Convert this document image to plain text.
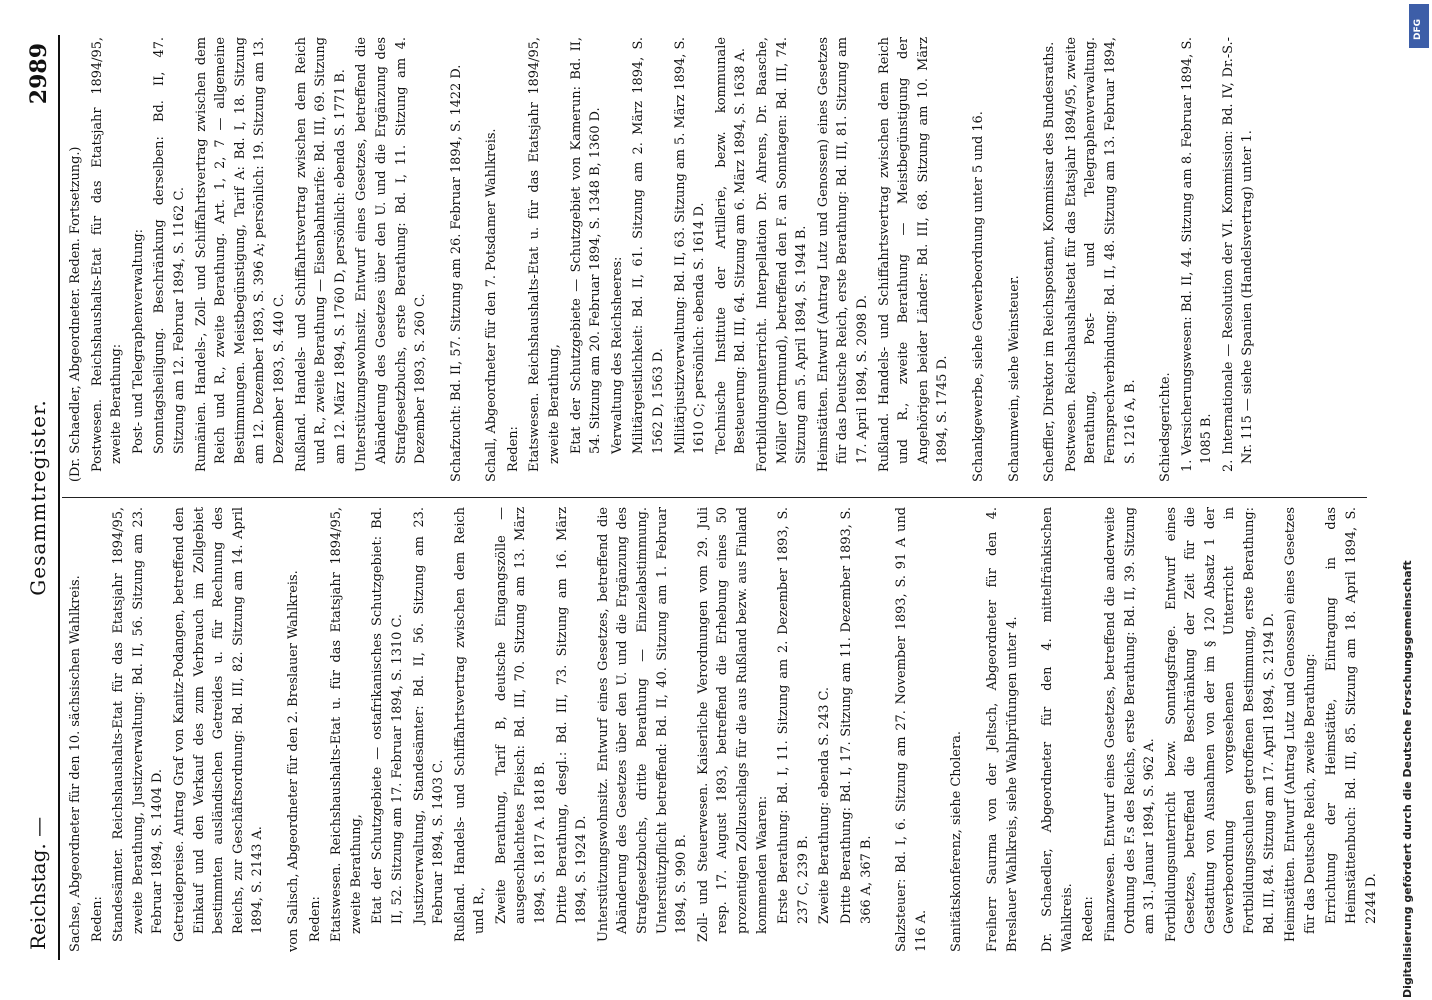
Reichstag. —
Gesammtregister.
2989

Sachse, Abgeordneter für den 10. sächsischen Wahlkreis. Reden: Standesämter. Reichshaushalts-Etat für das Etatsjahr 1894/95, zweite Berathung, Justizverwaltung: Bd. II, 56. Sitzung am 23. Februar 1894, S. 1404 D. Getreidepreise. Antrag Graf von Kanitz-Podangen, betreffend den Einkauf und den Verkauf des zum Verbrauch im Zollgebiet bestimmten ausländischen Getreides u. für Rechnung des Reichs, zur Geschäftsordnung: Bd. III, 82. Sitzung am 14. April 1894, S. 2143 A. von Salisch, Abgeordneter für den 2. Breslauer Wahlkreis. Reden: Etatswesen. Reichshaushalts-Etat u. für das Etatsjahr 1894/95, zweite Berathung, Etat der Schutzgebiete — ostafrikanisches Schutzgebiet: Bd. II, 52. Sitzung am 17. Februar 1894, S. 1310 C. Justizverwaltung, Standesämter: Bd. II, 56. Sitzung am 23. Februar 1894, S. 1403 C. Rußland. Handels- und Schiffahrtsvertrag zwischen dem Reich und R., Zweite Berathung, Tarif B, deutsche Eingangszölle — ausgeschlachtetes Fleisch: Bd. III, 70. Sitzung am 13. März 1894, S. 1817 A. 1818 B. Dritte Berathung, desgl.: Bd. III, 73. Sitzung am 16. März 1894, S. 1924 D. Unterstützungswohnsitz. Entwurf eines Gesetzes, betreffend die Abänderung des Gesetzes über den U. und die Ergänzung des Strafgesetzbuchs, dritte Berathung — Einzelabstimmung. Unterstützpflicht betreffend: Bd. II, 40. Sitzung am 1. Februar 1894, S. 990 B. Zoll- und Steuerwesen. Kaiserliche Verordnungen vom 29. Juli resp. 17. August 1893, betreffend die Erhebung eines 50 prozentigen Zollzuschlags für die aus Rußland bezw. aus Finland kommenden Waaren: Erste Berathung: Bd. I, 11. Sitzung am 2. Dezember 1893, S. 237 C, 239 B. Zweite Berathung: ebenda S. 243 C. Dritte Berathung: Bd. I, 17. Sitzung am 11. Dezember 1893, S. 366 A, 367 B. Salzsteuer: Bd. I, 6. Sitzung am 27. November 1893, S. 91 A und 116 A. Sanitätskonferenz, siehe Cholera. Freiherr Saurma von der Jeltsch, Abgeordneter für den 4. Breslauer Wahlkreis, siehe Wahlprüfungen unter 4. Dr. Schaedler, Abgeordneter für den 4. mittelfränkischen Wahlkreis. Reden: Finanzwesen. Entwurf eines Gesetzes, betreffend die anderweite Ordnung des F.s des Reichs, erste Berathung: Bd. II, 39. Sitzung am 31. Januar 1894, S. 962 A. Fortbildungsunterricht bezw. Sonntagsfrage. Entwurf eines Gesetzes, betreffend die Beschränkung der Zeit für die Gestattung von Ausnahmen von der im § 120 Absatz 1 der Gewerbeordnung vorgesehenen Unterricht in Fortbildungsschulen getroffenen Bestimmung, erste Berathung: Bd. III, 84. Sitzung am 17. April 1894, S. 2194 D. Heimstätten. Entwurf (Antrag Lutz und Genossen) eines Gesetzes für das Deutsche Reich, zweite Berathung: Errichtung der Heimstätte, Eintragung in das Heimstättenbuch: Bd. III, 85. Sitzung am 18. April 1894, S. 2244 D.

(Dr. Schaedler, Abgeordneter. Reden. Fortsetzung.) Postwesen. Reichshaushalts-Etat für das Etatsjahr 1894/95, zweite Berathung: Post- und Telegraphenverwaltung: Sonntagsheiligung. Beschränkung derselben: Bd. II, 47. Sitzung am 12. Februar 1894, S. 1162 C. Rumänien. Handels-, Zoll- und Schiffahrtsvertrag zwischen dem Reich und R., zweite Berathung. Art. 1, 2, 7 — allgemeine Bestimmungen. Meistbegünstigung, Tarif A: Bd. I, 18. Sitzung am 12. Dezember 1893, S. 396 A; persönlich: 19. Sitzung am 13. Dezember 1893, S. 440 C. Rußland. Handels- und Schiffahrtsvertrag zwischen dem Reich und R., zweite Berathung — Eisenbahntarife: Bd. III, 69. Sitzung am 12. März 1894, S. 1760 D, persönlich: ebenda S. 1771 B. Unterstützungswohnsitz. Entwurf eines Gesetzes, betreffend die Abänderung des Gesetzes über den U. und die Ergänzung des Strafgesetzbuchs, erste Berathung: Bd. I, 11. Sitzung am 4. Dezember 1893, S. 260 C. Schafzucht: Bd. II, 57. Sitzung am 26. Februar 1894, S. 1422 D. Schall, Abgeordneter für den 7. Potsdamer Wahlkreis. Reden: Etatswesen. Reichshaushalts-Etat u. für das Etatsjahr 1894/95, zweite Berathung, Etat der Schutzgebiete — Schutzgebiet von Kamerun: Bd. II, 54. Sitzung am 20. Februar 1894, S. 1348 B, 1360 D. Verwaltung des Reichsheeres: Militärgeistlichkeit: Bd. II, 61. Sitzung am 2. März 1894, S. 1562 D, 1563 D. Militärjustizverwaltung: Bd. II, 63. Sitzung am 5. März 1894, S. 1610 C; persönlich: ebenda S. 1614 D. Technische Institute der Artillerie, bezw. kommunale Besteuerung: Bd. III, 64. Sitzung am 6. März 1894, S. 1638 A. Fortbildungsunterricht. Interpellation Dr. Ahrens, Dr. Baasche, Möller (Dortmund), betreffend den F. an Sonntagen: Bd. III, 74. Sitzung am 5. April 1894, S. 1944 B. Heimstätten. Entwurf (Antrag Lutz und Genossen) eines Gesetzes für das Deutsche Reich, erste Berathung: Bd. III, 81. Sitzung am 17. April 1894, S. 2098 D. Rußland. Handels- und Schiffahrtsvertrag zwischen dem Reich und R., zweite Berathung — Meistbegünstigung der Angehörigen beider Länder: Bd. III, 68. Sitzung am 10. März 1894, S. 1745 D. Schankgewerbe, siehe Gewerbeordnung unter 5 und 16. Schaumwein, siehe Weinsteuer. Scheffler, Direktor im Reichspostamt, Kommissar des Bundesraths. Postwesen. Reichshaushaltsetat für das Etatsjahr 1894/95, zweite Berathung, Post- und Telegraphenverwaltung. Fernsprechverbindung: Bd. II, 48. Sitzung am 13. Februar 1894, S. 1216 A, B. Schiedsgerichte. 1. Versicherungswesen: Bd. II, 44. Sitzung am 8. Februar 1894, S. 1085 B. 2. Internationale — Resolution der VI. Kommission: Bd. IV, Dr.-S.-Nr. 115 — siehe Spanien (Handelsvertrag) unter 1.

Digitalisierung gefördert durch die Deutsche Forschungsgemeinschaft
DFG
